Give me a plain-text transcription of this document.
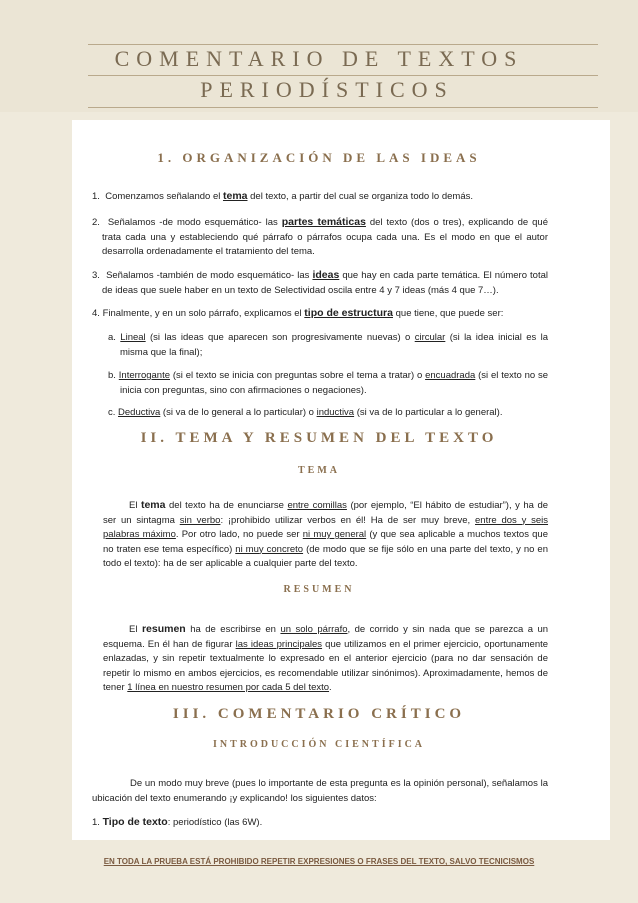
COMENTARIO DE TEXTOS
PERIODÍSTICOS
1. ORGANIZACIÓN DE LAS IDEAS

1. Comenzamos señalando el tema del texto, a partir del cual se organiza todo lo demás.

2. Señalamos -de modo esquemático- las partes temáticas del texto (dos o tres), explicando de qué trata cada una y estableciendo qué párrafo o párrafos ocupa cada una. Es el modo en que el autor desarrolla ordenadamente el tratamiento del tema.

3. Señalamos -también de modo esquemático- las ideas que hay en cada parte temática. El número total de ideas que suele haber en un texto de Selectividad oscila entre 4 y 7 ideas (más 4 que 7…).

4. Finalmente, y en un solo párrafo, explicamos el tipo de estructura que tiene, que puede ser:

a. Lineal (si las ideas que aparecen son progresivamente nuevas) o circular (si la idea inicial es la misma que la final);

b. Interrogante (si el texto se inicia con preguntas sobre el tema a tratar) o encuadrada (si el texto no se inicia con preguntas, sino con afirmaciones o negaciones).

c. Deductiva (si va de lo general a lo particular) o inductiva (si va de lo particular a lo general).

II. TEMA Y RESUMEN DEL TEXTO
TEMA

El tema del texto ha de enunciarse entre comillas (por ejemplo, “El hábito de estudiar”), y ha de ser un sintagma sin verbo: ¡prohibido utilizar verbos en él! Ha de ser muy breve, entre dos y seis palabras máximo. Por otro lado, no puede ser ni muy general (y que sea aplicable a muchos textos que no traten ese tema específico) ni muy concreto (de modo que se fije sólo en una parte del texto, y no en todo el texto): ha de ser aplicable a cualquier parte del texto.

RESUMEN

El resumen ha de escribirse en un solo párrafo, de corrido y sin nada que se parezca a un esquema. En él han de figurar las ideas principales que utilizamos en el primer ejercicio, oportunamente enlazadas, y sin repetir textualmente lo expresado en el anterior ejercicio (para no dar sensación de repetir lo mismo en ambos ejercicios, es recomendable utilizar sinónimos). Aproximadamente, hemos de tener 1 línea en nuestro resumen por cada 5 del texto.

III. COMENTARIO CRÍTICO
INTRODUCCIÓN CIENTÍFICA

De un modo muy breve (pues lo importante de esta pregunta es la opinión personal), señalamos la ubicación del texto enumerando ¡y explicando! los siguientes datos:

1. Tipo de texto: periodístico (las 6W).

EN TODA LA PRUEBA ESTÁ PROHIBIDO REPETIR EXPRESIONES O FRASES DEL TEXTO, SALVO TECNICISMOS
